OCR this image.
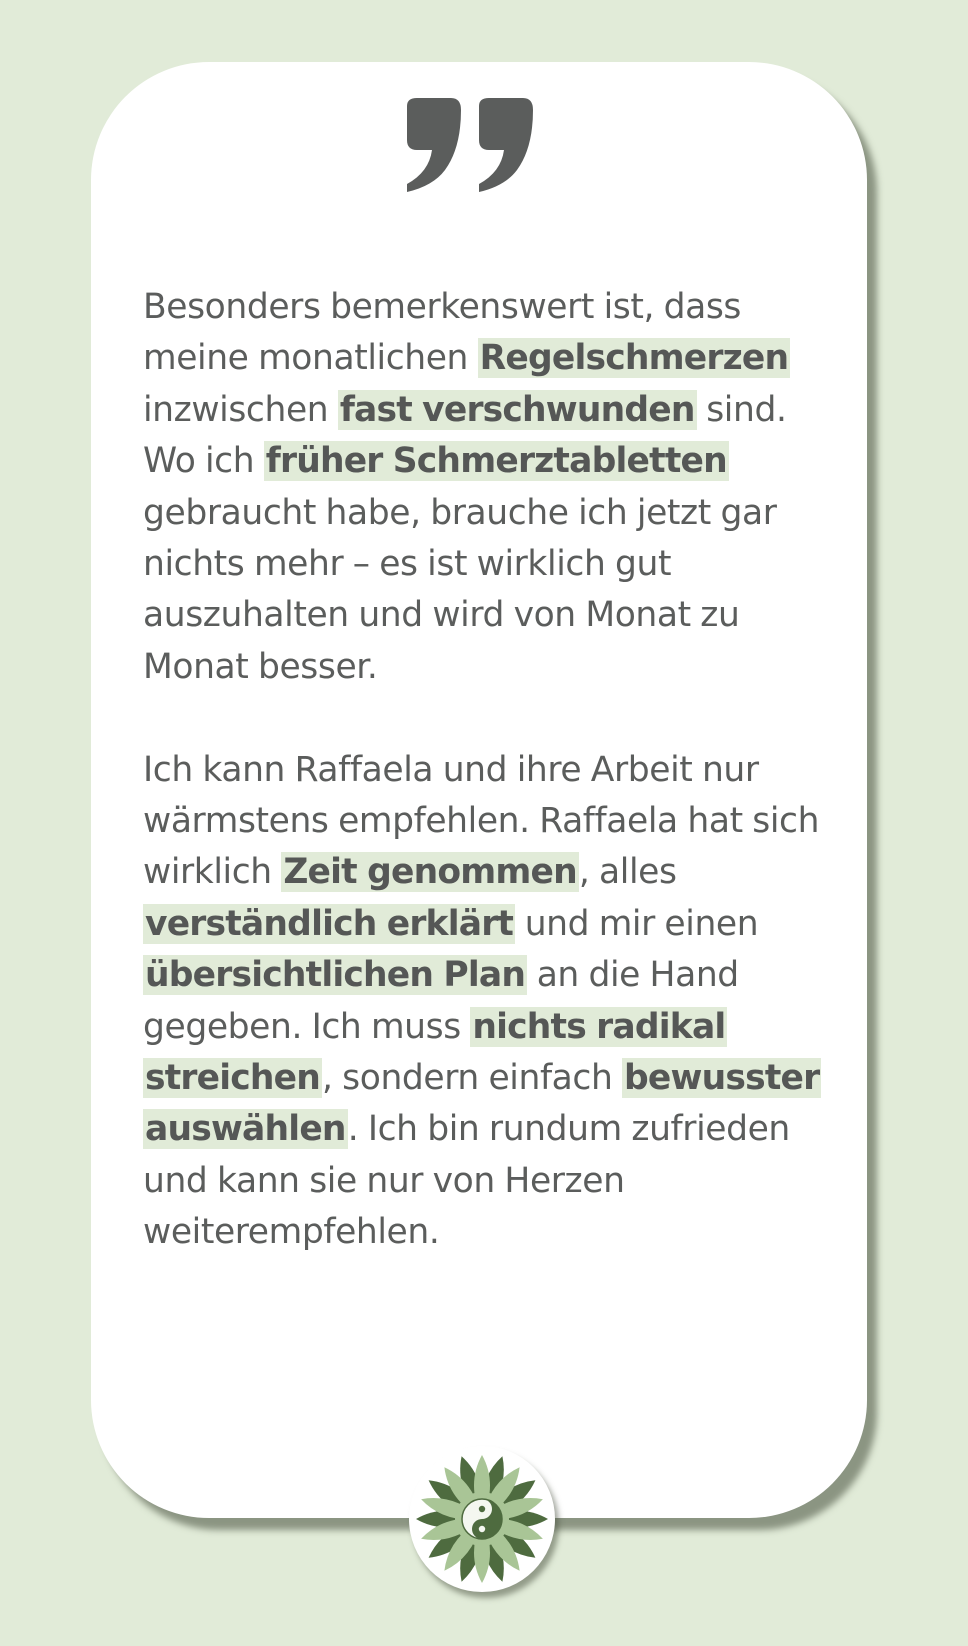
Besonders bemerkenswert ist, dass meine monatlichen Regelschmerzen inzwischen fast verschwunden sind. Wo ich früher Schmerztabletten gebraucht habe, brauche ich jetzt gar nichts mehr – es ist wirklich gut auszuhalten und wird von Monat zu Monat besser.

Ich kann Raffaela und ihre Arbeit nur wärmstens empfehlen. Raffaela hat sich wirklich Zeit genommen, alles verständlich erklärt und mir einen übersichtlichen Plan an die Hand gegeben. Ich muss nichts radikal streichen, sondern einfach bewusster auswählen. Ich bin rundum zufrieden und kann sie nur von Herzen weiterempfehlen.
